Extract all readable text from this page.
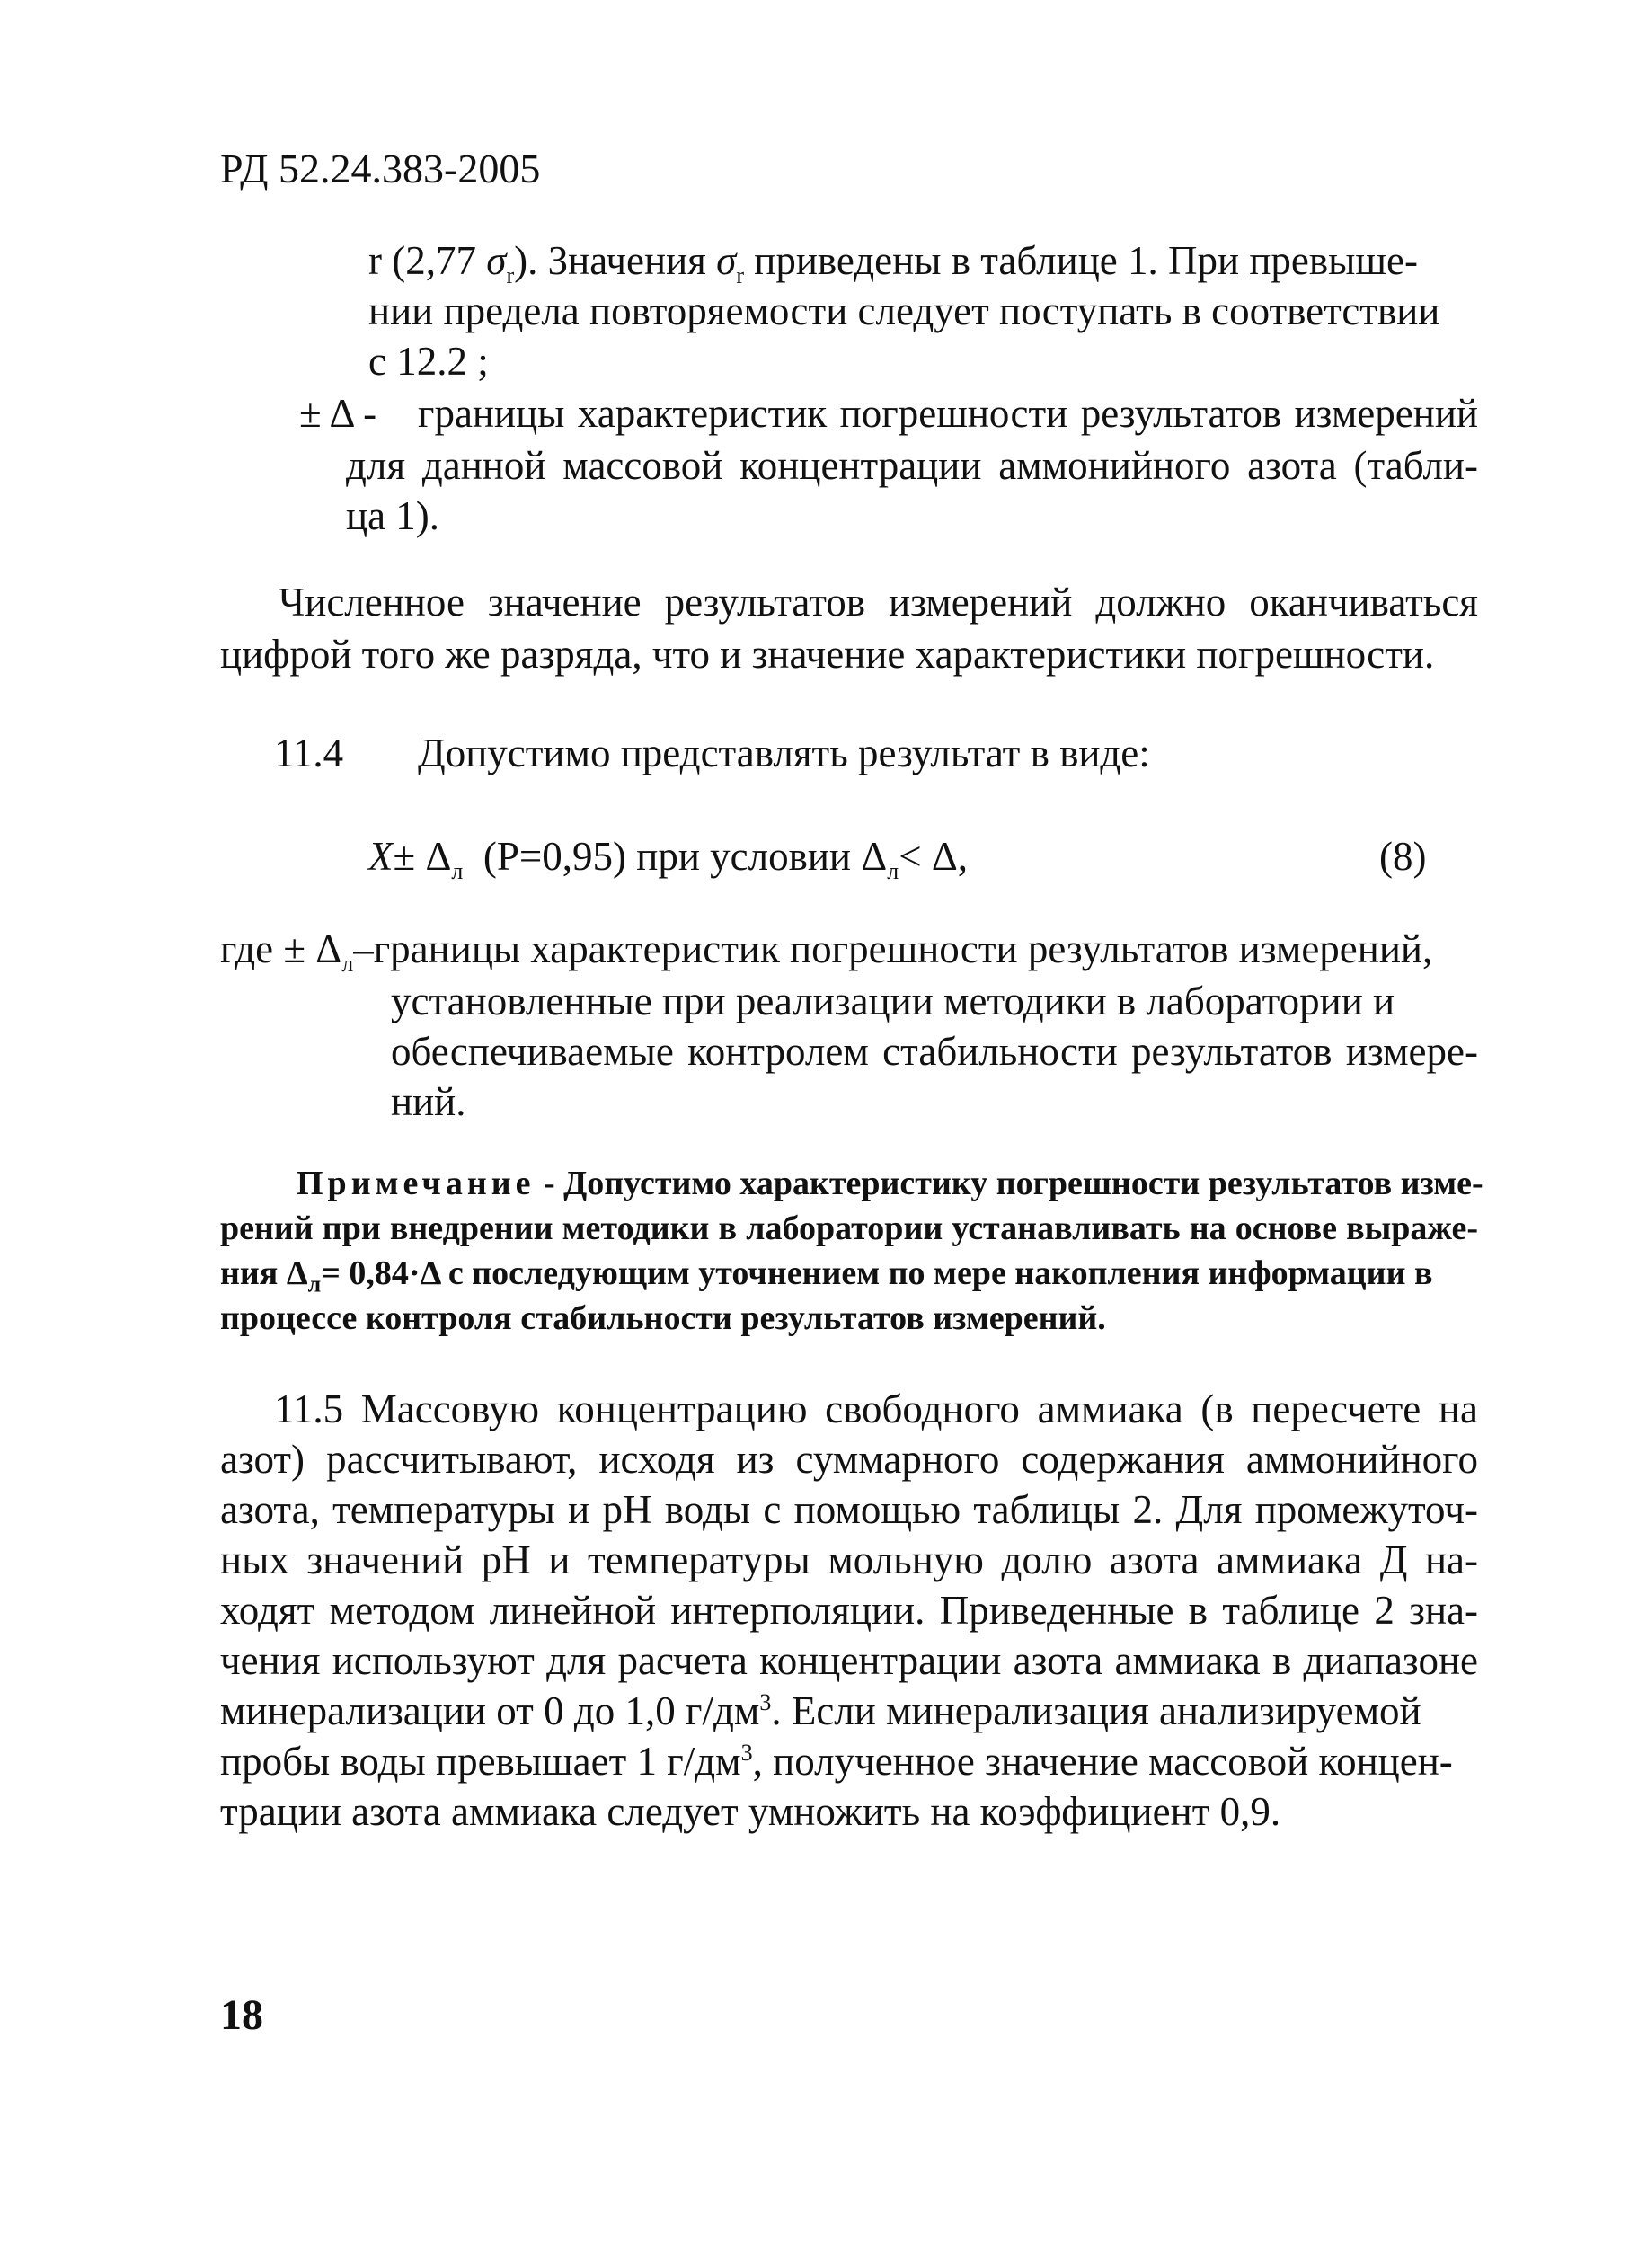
РД 52.24.383-2005
r (2,77 $\sigma_r$). Значения $\sigma_r$ приведены в таблице 1. При превыше-
нии предела повторяемости следует поступать в соответствии
с 12.2 ;
± Δ - границы характеристик погрешности результатов измерений
для данной массовой концентрации аммонийного азота (табли-
ца 1).
Численное значение результатов измерений должно оканчиваться
цифрой того же разряда, что и значение характеристики погрешности.
11.4 Допустимо представлять результат в виде:
$X\pm \Delta_л$ (P=0,95) при условии $\Delta_л< \Delta$,	(8)
где ± $\Delta_л$–границы характеристик погрешности результатов измерений,
установленные при реализации методики в лаборатории и
обеспечиваемые контролем стабильности результатов измере-
ний.
Примечание - Допустимо характеристику погрешности результатов изме-
рений при внедрении методики в лаборатории устанавливать на основе выраже-
ния $\Delta_л= 0,84\cdot\Delta$ с последующим уточнением по мере накопления информации в
процессе контроля стабильности результатов измерений.
11.5 Массовую концентрацию свободного аммиака (в пересчете на
азот) рассчитывают, исходя из суммарного содержания аммонийного
азота, температуры и pH воды с помощью таблицы 2. Для промежуточ-
ных значений pH и температуры мольную долю азота аммиака Д на-
ходят методом линейной интерполяции. Приведенные в таблице 2 зна-
чения используют для расчета концентрации азота аммиака в диапазоне
минерализации от 0 до 1,0 $г/дм^3$. Если минерализация анализируемой
пробы воды превышает 1 $г/дм^3$, полученное значение массовой концен-
трации азота аммиака следует умножить на коэффициент 0,9.
18
